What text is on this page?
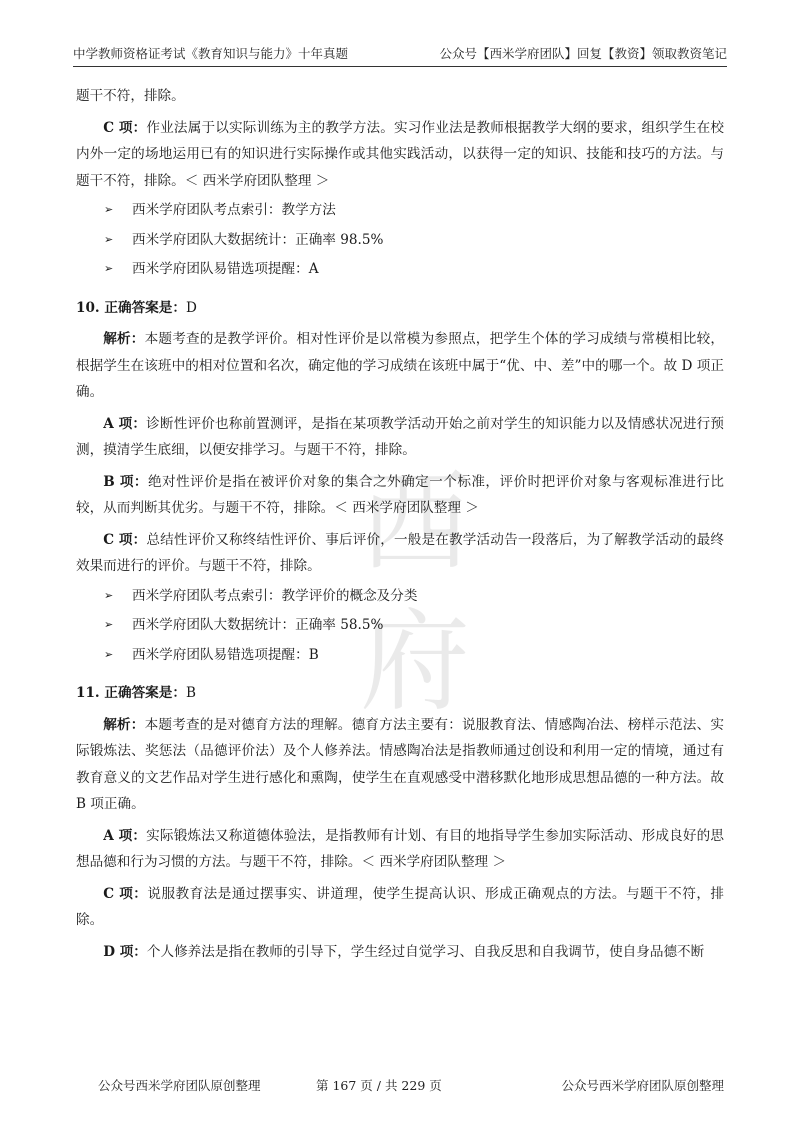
中学教师资格证考试《教育知识与能力》十年真题	公众号【西米学府团队】回复【教资】领取教资笔记
西
府

题干不符，排除。

C 项：作业法属于以实际训练为主的教学方法。实习作业法是教师根据教学大纲的要求，组织学生在校内外一定的场地运用已有的知识进行实际操作或其他实践活动，以获得一定的知识、技能和技巧的方法。与题干不符，排除。＜ 西米学府团队整理 ＞

➢ 西米学府团队考点索引：教学方法
➢ 西米学府团队大数据统计：正确率 98.5%
➢ 西米学府团队易错选项提醒：A

10. 正确答案是：D

解析：本题考查的是教学评价。相对性评价是以常模为参照点，把学生个体的学习成绩与常模相比较，根据学生在该班中的相对位置和名次，确定他的学习成绩在该班中属于“优、中、差”中的哪一个。故 D 项正确。

A 项：诊断性评价也称前置测评，是指在某项教学活动开始之前对学生的知识能力以及情感状况进行预测，摸清学生底细，以便安排学习。与题干不符，排除。

B 项：绝对性评价是指在被评价对象的集合之外确定一个标准，评价时把评价对象与客观标准进行比较，从而判断其优劣。与题干不符，排除。＜ 西米学府团队整理 ＞

C 项：总结性评价又称终结性评价、事后评价，一般是在教学活动告一段落后，为了解教学活动的最终效果而进行的评价。与题干不符，排除。

➢ 西米学府团队考点索引：教学评价的概念及分类
➢ 西米学府团队大数据统计：正确率 58.5%
➢ 西米学府团队易错选项提醒：B

11. 正确答案是：B

解析：本题考查的是对德育方法的理解。德育方法主要有：说服教育法、情感陶冶法、榜样示范法、实际锻炼法、奖惩法（品德评价法）及个人修养法。情感陶冶法是指教师通过创设和利用一定的情境，通过有教育意义的文艺作品对学生进行感化和熏陶，使学生在直观感受中潜移默化地形成思想品德的一种方法。故 B 项正确。

A 项：实际锻炼法又称道德体验法，是指教师有计划、有目的地指导学生参加实际活动、形成良好的思想品德和行为习惯的方法。与题干不符，排除。＜ 西米学府团队整理 ＞

C 项：说服教育法是通过摆事实、讲道理，使学生提高认识、形成正确观点的方法。与题干不符，排除。

D 项：个人修养法是指在教师的引导下，学生经过自觉学习、自我反思和自我调节，使自身品德不断

公众号西米学府团队原创整理	第 167 页 / 共 229 页	公众号西米学府团队原创整理
